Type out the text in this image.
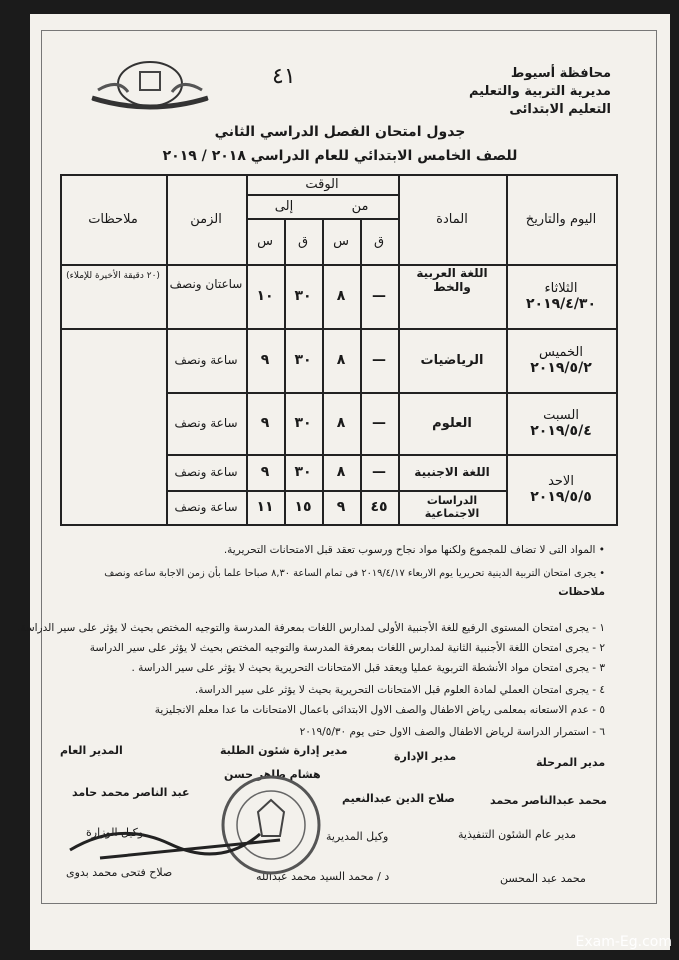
محافظة أسيوط
مديرية التربية والتعليم
التعليم الابتدائى
٤١
جدول امتحان الفصل الدراسي الثاني
للصف الخامس الابتدائي للعام الدراسي ٢٠١٨ / ٢٠١٩
اليوم والتاريخ
المادة
الوقت
من
إلى
ق
س
ق
س
الزمن
ملاحظات
الثلاثاء
٢٠١٩/٤/٣٠
اللغة العربية والخط
—
٨
٣٠
١٠
ساعتان ونصف
(٢٠ دقيقة الأخيرة للإملاء)
الخميس
٢٠١٩/٥/٢
الرياضيات
—
٨
٣٠
٩
ساعة ونصف
السبت
٢٠١٩/٥/٤
العلوم
—
٨
٣٠
٩
ساعة ونصف
الاحد
٢٠١٩/٥/٥
اللغة الاجنبية
—
٨
٣٠
٩
ساعة ونصف
الدراسات الاجتماعية
٤٥
٩
١٥
١١
ساعة ونصف
• المواد التى لا تضاف للمجموع ولكنها مواد نجاح ورسوب تعقد قبل الامتحانات التحريرية.
• يجرى امتحان التربية الدينية تحريريا يوم الاربعاء ٢٠١٩/٤/١٧ فى تمام الساعة ٨,٣٠ صباحا علما بأن زمن الاجابة ساعه ونصف
ملاحظات
١ - يجرى امتحان المستوى الرفيع للغة الأجنبية الأولى لمدارس اللغات بمعرفة المدرسة والتوجيه المختص بحيث لا يؤثر على سير الدراسة.
٢ - يجرى امتحان اللغة الأجنبية الثانية لمدارس اللغات بمعرفة المدرسة والتوجيه المختص بحيث لا يؤثر على سير الدراسة
٣ - يجرى امتحان مواد الأنشطة التربوية عمليا ويعقد قبل الامتحانات التحريرية بحيث لا يؤثر على سير الدراسة .
٤ - يجرى امتحان العملي لمادة العلوم قبل الامتحانات التحريرية بحيث لا يؤثر على سير الدراسة.
٥ - عدم الاستعانه بمعلمى رياض الاطفال والصف الاول الابتدائى باعمال الامتحانات ما عدا معلم الانجليزية
٦ - استمرار الدراسة لرياض الاطفال والصف الاول حتى يوم ٢٠١٩/٥/٣٠
المدير العام
عبد الناصر محمد حامد
مدير إدارة شئون الطلبة
هشام طاهر حسن
مدير الإدارة
صلاح الدين عبدالنعيم
مدير المرحلة
محمد عبدالناصر محمد
وكيل الوزارة
صلاح فتحى محمد بدوى
وكيل المديرية
د / محمد السيد محمد عبدالله
مدير عام الشئون التنفيذية
محمد عبد المحسن
Exam-Eg.com
